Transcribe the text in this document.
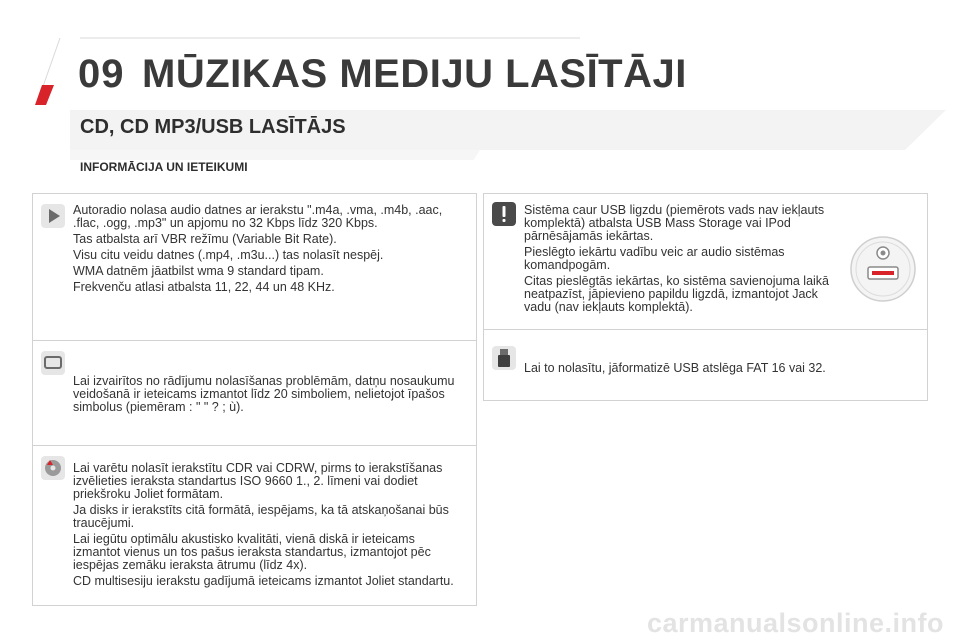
09 MŪZIKAS MEDIJU LASĪTĀJI
CD, CD MP3/USB LASĪTĀJS
INFORMĀCIJA UN IETEIKUMI

Autoradio nolasa audio datnes ar ierakstu ".m4a, .vma, .m4b, .aac,
.flac, .ogg, .mp3" un apjomu no 32 Kbps līdz 320 Kbps.

Tas atbalsta arī VBR režīmu (Variable Bit Rate).

Visu citu veidu datnes (.mp4, .m3u...) tas nolasīt nespēj.

WMA datnēm jāatbilst wma 9 standard tipam.

Frekvenču atlasi atbalsta 11, 22, 44 un 48 KHz.

Lai izvairītos no rādījumu nolasīšanas problēmām, datņu nosaukumu
veidošanā ir ieteicams izmantot līdz 20 simboliem, nelietojot īpašos
simbolus (piemēram : " " ? ; ù).

Lai varētu nolasīt ierakstītu CDR vai CDRW, pirms to ierakstīšanas
izvēlieties ieraksta standartus ISO 9660 1., 2. līmeni vai dodiet
priekšroku Joliet formātam.

Ja disks ir ierakstīts citā formātā, iespējams, ka tā atskaņošanai būs
traucējumi.

Lai iegūtu optimālu akustisko kvalitāti, vienā diskā ir ieteicams
izmantot vienus un tos pašus ieraksta standartus, izmantojot pēc
iespējas zemāku ieraksta ātrumu (līdz 4x).

CD multisesiju ierakstu gadījumā ieteicams izmantot Joliet standartu.

Sistēma caur USB ligzdu (piemērots vads nav iekļauts
komplektā) atbalsta USB Mass Storage vai IPod
pārnēsājamās iekārtas.

Pieslēgto iekārtu vadību veic ar audio sistēmas
komandpogām.

Citas pieslēgtās iekārtas, ko sistēma savienojuma laikā
neatpazīst, jāpievieno papildu ligzdā, izmantojot Jack
vadu (nav iekļauts komplektā).

Lai to nolasītu, jāformatizē USB atslēga FAT 16 vai 32.

carmanualsonline.info
